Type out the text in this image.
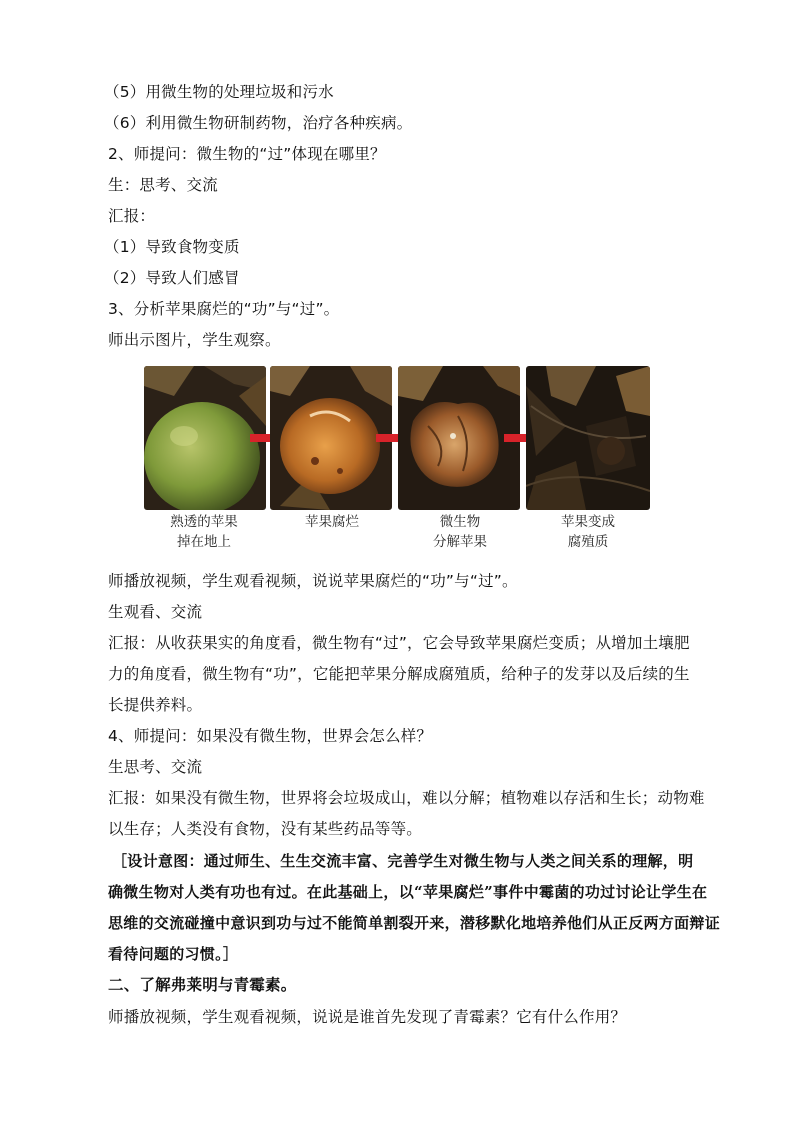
（5）用微生物的处理垃圾和污水
（6）利用微生物研制药物，治疗各种疾病。
2、师提问：微生物的“过”体现在哪里？
生：思考、交流
汇报：
（1）导致食物变质
（2）导致人们感冒
3、分析苹果腐烂的“功”与“过”。
师出示图片，学生观察。
熟透的苹果
掉在地上
苹果腐烂	微生物
分解苹果
苹果变成
腐殖质
师播放视频，学生观看视频，说说苹果腐烂的“功”与“过”。
生观看、交流
汇报：从收获果实的角度看，微生物有“过”，它会导致苹果腐烂变质；从增加土壤肥
力的角度看，微生物有“功”，它能把苹果分解成腐殖质，给种子的发芽以及后续的生
长提供养料。
4、师提问：如果没有微生物，世界会怎么样？
生思考、交流
汇报：如果没有微生物，世界将会垃圾成山，难以分解；植物难以存活和生长；动物难
以生存；人类没有食物，没有某些药品等等。
［设计意图：通过师生、生生交流丰富、完善学生对微生物与人类之间关系的理解，明
确微生物对人类有功也有过。在此基础上，以“苹果腐烂”事件中霉菌的功过讨论让学生在
思维的交流碰撞中意识到功与过不能简单割裂开来，潜移默化地培养他们从正反两方面辩证
看待问题的习惯。］
二、了解弗莱明与青霉素。
师播放视频，学生观看视频，说说是谁首先发现了青霉素？它有什么作用？
